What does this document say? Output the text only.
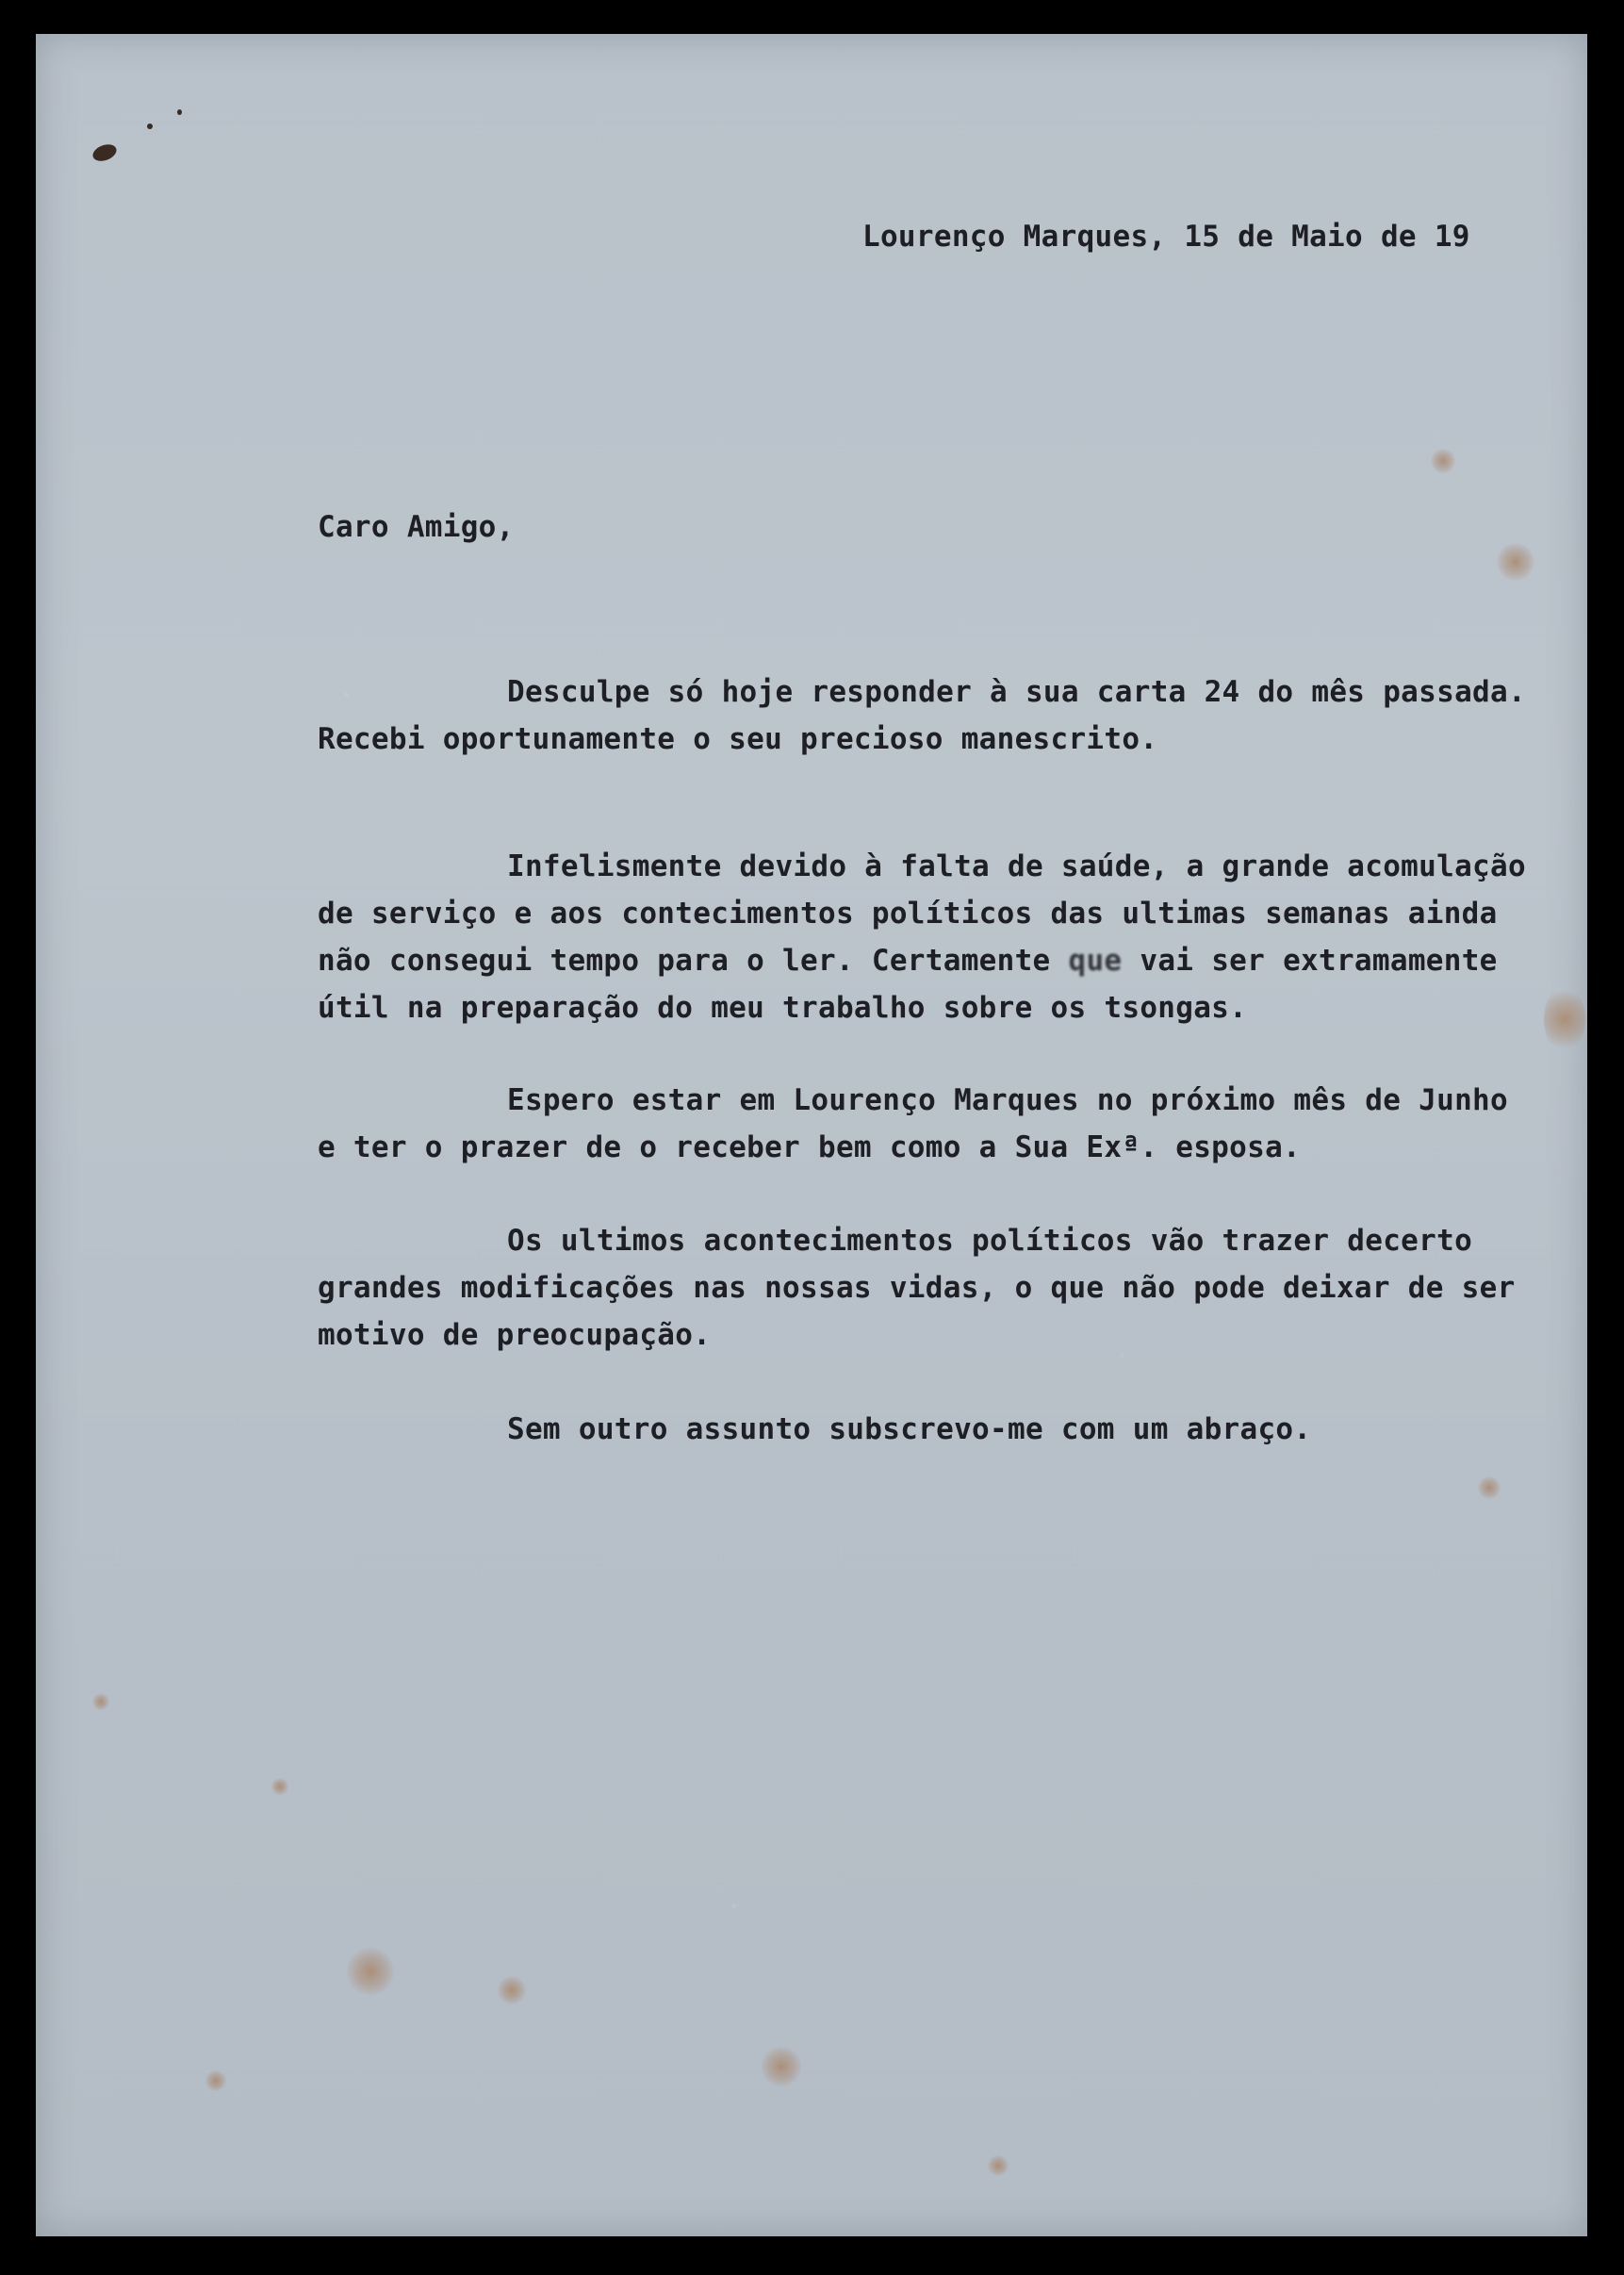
Lourenço Marques, 15 de Maio de 19
Caro Amigo,
Desculpe só hoje responder à sua carta 24 do mês passada.
Recebi oportunamente o seu precioso manescrito.
Infelismente devido à falta de saúde, a grande acomulação
de serviço e aos contecimentos políticos das ultimas semanas ainda
não consegui tempo para o ler. Certamente que vai ser extramamente
útil na preparação do meu trabalho sobre os tsongas.
Espero estar em Lourenço Marques no próximo mês de Junho
e ter o prazer de o receber bem como a Sua Exª. esposa.
Os ultimos acontecimentos políticos vão trazer decerto
grandes modificações nas nossas vidas, o que não pode deixar de ser
motivo de preocupação.
Sem outro assunto subscrevo-me com um abraço.
